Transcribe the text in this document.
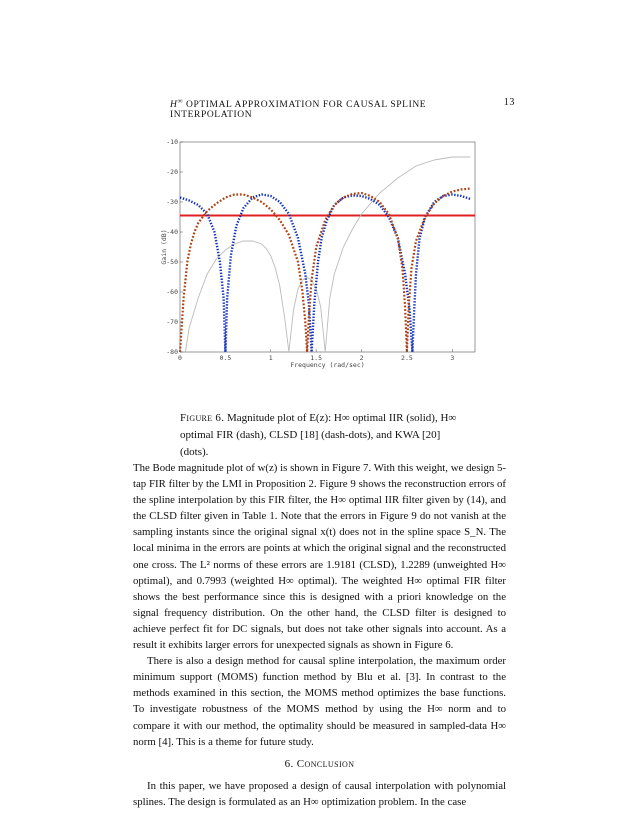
H∞ OPTIMAL APPROXIMATION FOR CAUSAL SPLINE INTERPOLATION
13
0	0.5	1	1.5	2	2.5	3
-10
-20
-30
-40
-50
-60
-70
-80
Frequency (rad/sec)
Gain (dB)
Figure 6. Magnitude plot of E(z): H∞ optimal IIR (solid), H∞ optimal FIR (dash), CLSD [18] (dash-dots), and KWA [20] (dots).

The Bode magnitude plot of w(z) is shown in Figure 7. With this weight, we design 5-tap FIR filter by the LMI in Proposition 2. Figure 9 shows the reconstruction errors of the spline interpolation by this FIR filter, the H∞ optimal IIR filter given by (14), and the CLSD filter given in Table 1. Note that the errors in Figure 9 do not vanish at the sampling instants since the original signal x(t) does not in the spline space S_N. The local minima in the errors are points at which the original signal and the reconstructed one cross. The L² norms of these errors are 1.9181 (CLSD), 1.2289 (unweighted H∞ optimal), and 0.7993 (weighted H∞ optimal). The weighted H∞ optimal FIR filter shows the best performance since this is designed with a priori knowledge on the signal frequency distribution. On the other hand, the CLSD filter is designed to achieve perfect fit for DC signals, but does not take other signals into account. As a result it exhibits larger errors for unexpected signals as shown in Figure 6.

There is also a design method for causal spline interpolation, the maximum order minimum support (MOMS) function method by Blu et al. [3]. In contrast to the methods examined in this section, the MOMS method optimizes the base functions. To investigate robustness of the MOMS method by using the H∞ norm and to compare it with our method, the optimality should be measured in sampled-data H∞ norm [4]. This is a theme for future study.

6. Conclusion

In this paper, we have proposed a design of causal interpolation with polynomial splines. The design is formulated as an H∞ optimization problem. In the case
